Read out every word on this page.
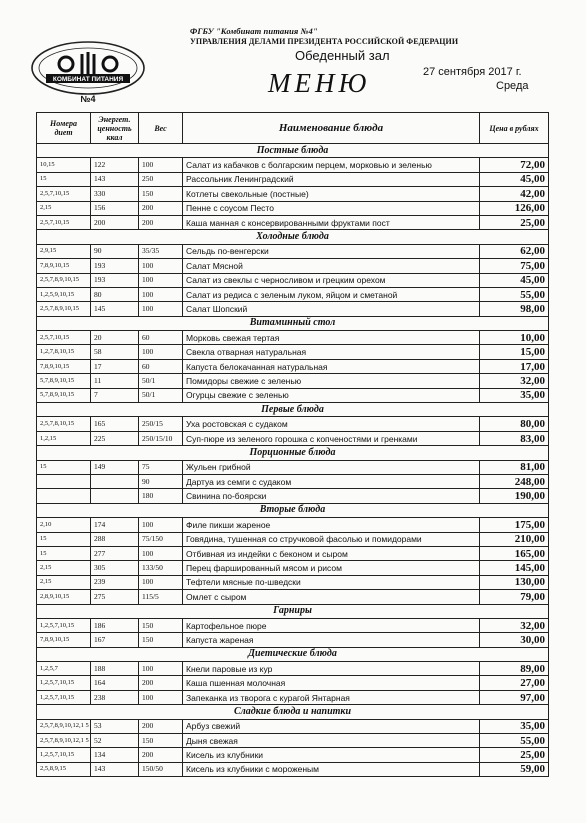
КОМБИНАТ ПИТАНИЯ
№4
ФГБУ "Комбинат питания №4"
УПРАВЛЕНИЯ ДЕЛАМИ ПРЕЗИДЕНТА РОССИЙСКОЙ ФЕДЕРАЦИИ
Обеденный зал
МЕНЮ	27 сентября 2017 г.
Среда
Номера диет	Энергет. ценность ккал	Вес	Наименование блюда	Цена в рублях
Постные блюда				
10,15	122	100	Салат из кабачков с болгарским перцем, морковью и зеленью	72,00
15	143	250	Рассольник Ленинградский	45,00
2,5,7,10,15	330	150	Котлеты свекольные (постные)	42,00
2,15	156	200	Пенне с соусом Песто	126,00
2,5,7,10,15	200	200	Каша манная с консервированными фруктами пост	25,00
Холодные блюда				
2,9,15	90	35/35	Сельдь по-венгерски	62,00
7,8,9,10,15	193	100	Салат Мясной	75,00
2,5,7,8,9,10,15	193	100	Салат из свеклы с черносливом и грецким орехом	45,00
1,2,5,9,10,15	80	100	Салат из редиса с зеленым луком, яйцом и сметаной	55,00
2,5,7,8,9,10,15	145	100	Салат Шопский	98,00
Витаминный стол				
2,5,7,10,15	20	60	Морковь свежая тертая	10,00
1,2,7,8,10,15	58	100	Свекла отварная натуральная	15,00
7,8,9,10,15	17	60	Капуста белокачанная натуральная	17,00
5,7,8,9,10,15	11	50/1	Помидоры свежие с зеленью	32,00
5,7,8,9,10,15	7	50/1	Огурцы свежие с зеленью	35,00
Первые блюда				
2,5,7,8,10,15	165	250/15	Уха ростовская с судаком	80,00
1,2,15	225	250/15/10	Суп-пюре из зеленого горошка с копченостями и гренками	83,00
Порционные блюда				
15	149	75	Жульен грибной	81,00
		90	Дартуа из семги с судаком	248,00
		180	Свинина по-боярски	190,00
Вторые блюда				
2,10	174	100	Филе пикши жареное	175,00
15	288	75/150	Говядина, тушенная со стручковой фасолью и помидорами	210,00
15	277	100	Отбивная из индейки с беконом и сыром	165,00
2,15	305	133/50	Перец фаршированный мясом и рисом	145,00
2,15	239	100	Тефтели мясные по-шведски	130,00
2,8,9,10,15	275	115/5	Омлет с сыром	79,00
Гарниры				
1,2,5,7,10,15	186	150	Картофельное пюре	32,00
7,8,9,10,15	167	150	Капуста жареная	30,00
Диетические блюда				
1,2,5,7	188	100	Кнели паровые из кур	89,00
1,2,5,7,10,15	164	200	Каша пшенная молочная	27,00
1,2,5,7,10,15	238	100	Запеканка из творога с курагой Янтарная	97,00
Сладкие блюда и напитки				
2,5,7,8,9,10,12,1 5	53	200	Арбуз свежий	35,00
2,5,7,8,9,10,12,1 5	52	150	Дыня свежая	55,00
1,2,5,7,10,15	134	200	Кисель из клубники	25,00
2,5,8,9,15	143	150/50	Кисель из клубники с мороженым	59,00
